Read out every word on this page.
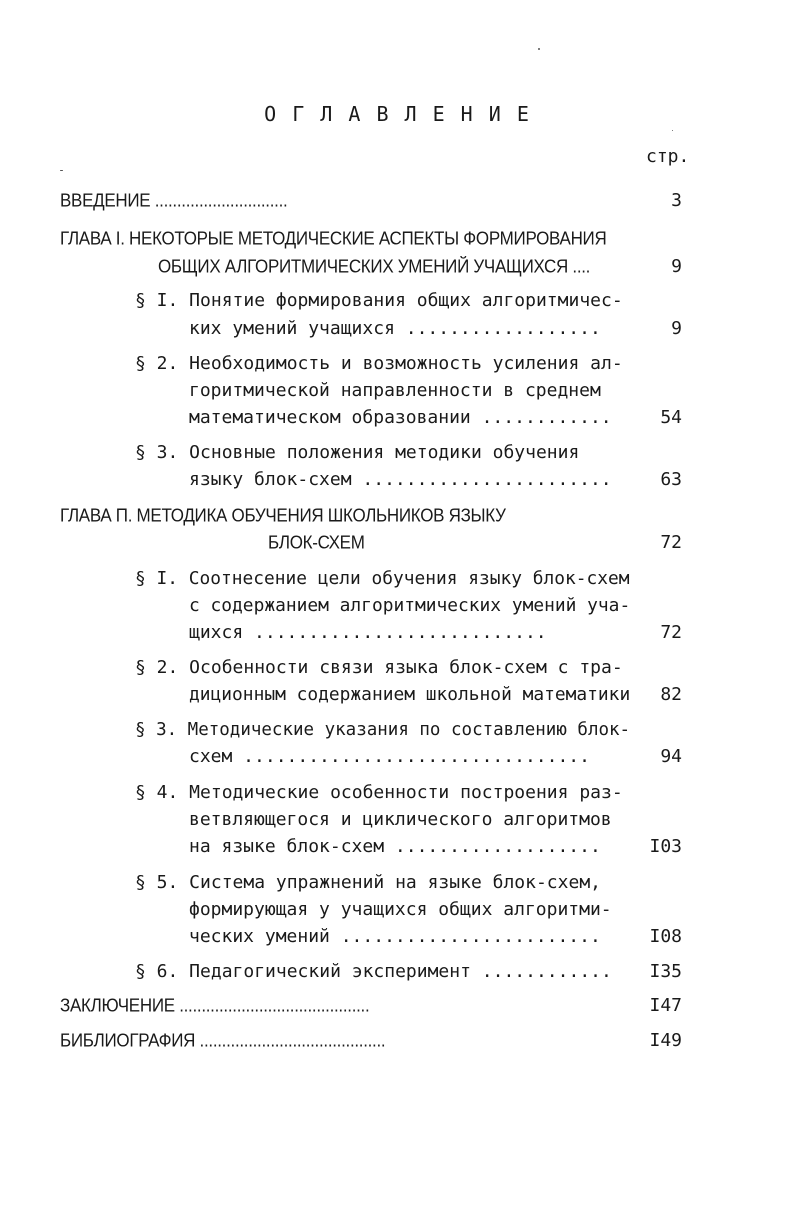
О Г Л А В Л Е Н И Е
стр.
ВВЕДЕНИЕ ..............................	3
ГЛАВА I. НЕКОТОРЫЕ МЕТОДИЧЕСКИЕ АСПЕКТЫ ФОРМИРОВАНИЯ
ОБЩИХ АЛГОРИТМИЧЕСКИХ УМЕНИЙ УЧАЩИХСЯ ....	9
§ I. Понятие формирования общих алгоритмичес-
ких умений учащихся ..................	9
§ 2. Необходимость и возможность усиления ал-
горитмической направленности в среднем
математическом образовании ............	54
§ 3. Основные положения методики обучения
языку блок-схем .......................	63
ГЛАВА П. МЕТОДИКА ОБУЧЕНИЯ ШКОЛЬНИКОВ ЯЗЫКУ
БЛОК-СХЕМ	72
§ I. Соотнесение цели обучения языку блок-схем
с содержанием алгоритмических умений уча-
щихся ...........................	72
§ 2. Особенности связи языка блок-схем с тра-
диционным содержанием школьной математики	82
§ 3. Методические указания по составлению блок-
схем ................................	94
§ 4. Методические особенности построения раз-
ветвляющегося и циклического алгоритмов
на языке блок-схем ...................	I03
§ 5. Система упражнений на языке блок-схем,
формирующая у учащихся общих алгоритми-
ческих умений ........................	I08
§ 6. Педагогический эксперимент ............	I35
ЗАКЛЮЧЕНИЕ ...........................................	I47
БИБЛИОГРАФИЯ ..........................................	I49
